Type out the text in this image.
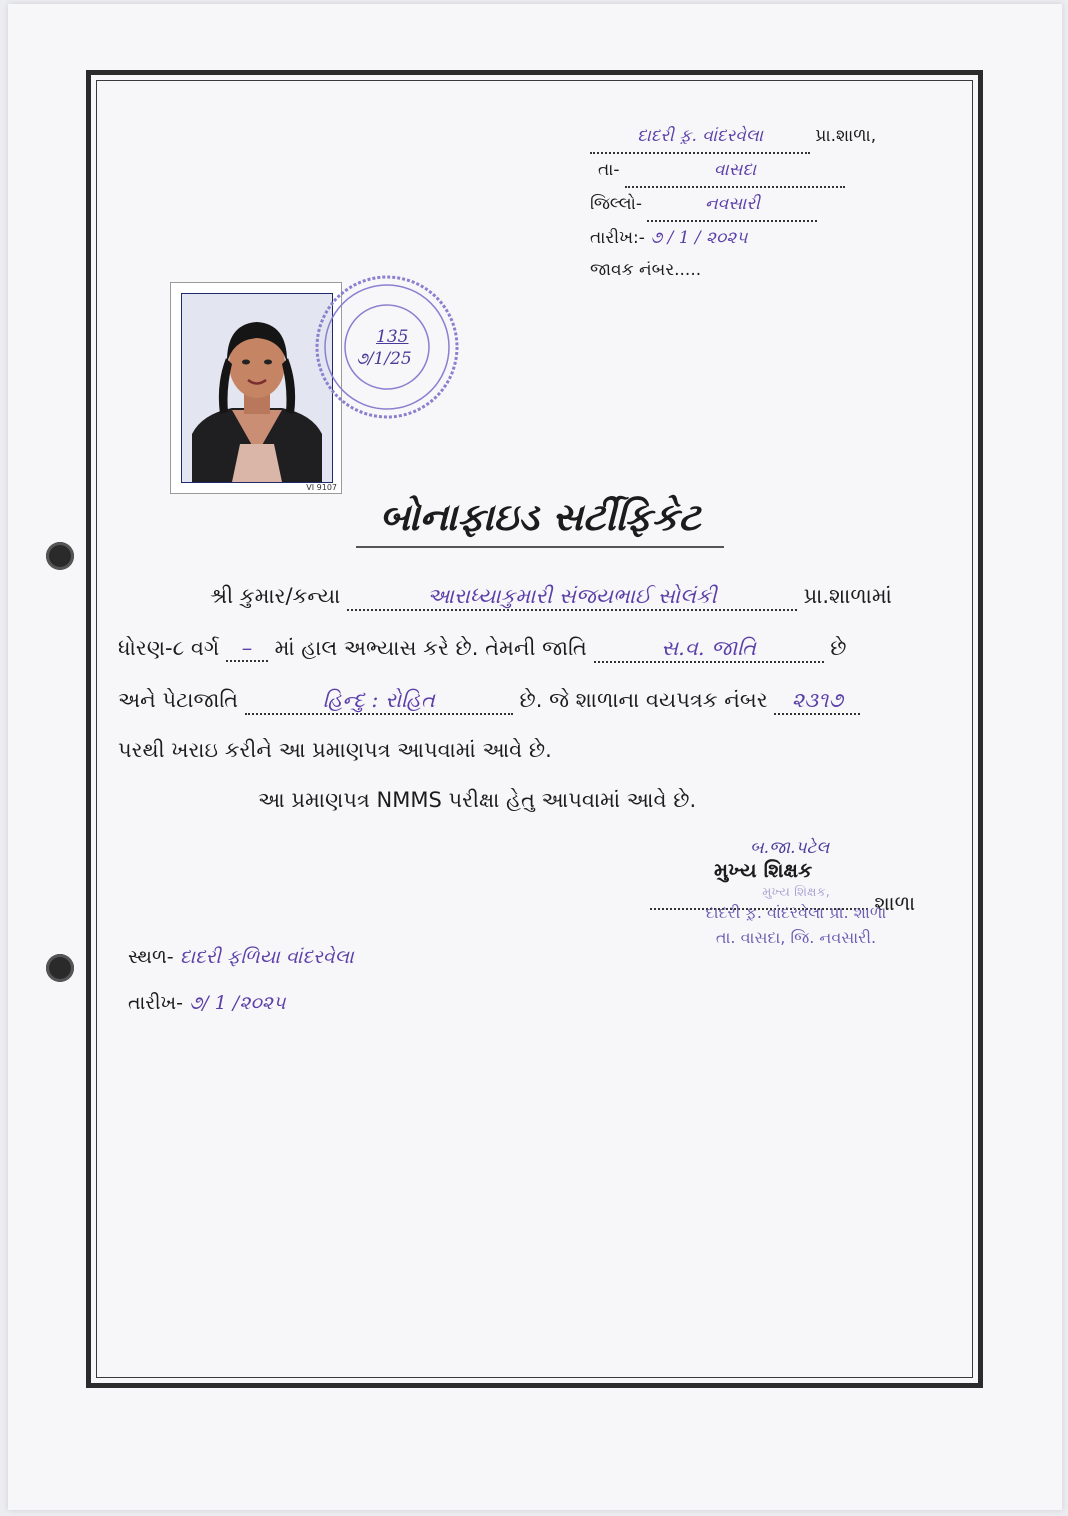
દાદરી ફ઼. વાંદરવેલા	પ્રા.શાળા,
તા-	વાસદા
જિલ્લો-	નવસારી
તારીખ:- ૭ / 1 / ૨૦૨૫
જાવક નંબર.....
VI 9107
135
૭/1/25
બોનાફાઇડ સર્ટીફિકેટ
શ્રી કુમાર/કન્યા	આરાધ્યાકુમારી સંજયભાઈ સોલંકી	પ્રા.શાળામાં
ધોરણ-૮ વર્ગ – માં હાલ અભ્યાસ કરે છે. તેમની જાતિ	સ.વ. જાતિ	છે
અને પેટાજાતિ	હિન્દુ : રોહિત	છે. જે શાળાના વયપત્રક નંબર ૨૩૧૭
પરથી ખરાઇ કરીને આ પ્રમાણપત્ર આપવામાં આવે છે.
આ પ્રમાણપત્ર NMMS પરીક્ષા હેતુ આપવામાં આવે છે.
બ.જા.પટેલ
મુખ્ય શિક્ષક
શાળા
મુખ્ય શિક્ષક,
દાદરી ફ઼. વાંદરવેલા પ્રા. શાળા
તા. વાસદા, જિ. નવસારી.
સ્થળ- દાદરી ફળિયા વાંદરવેલા
તારીખ- ૭/ 1 /૨૦૨૫
